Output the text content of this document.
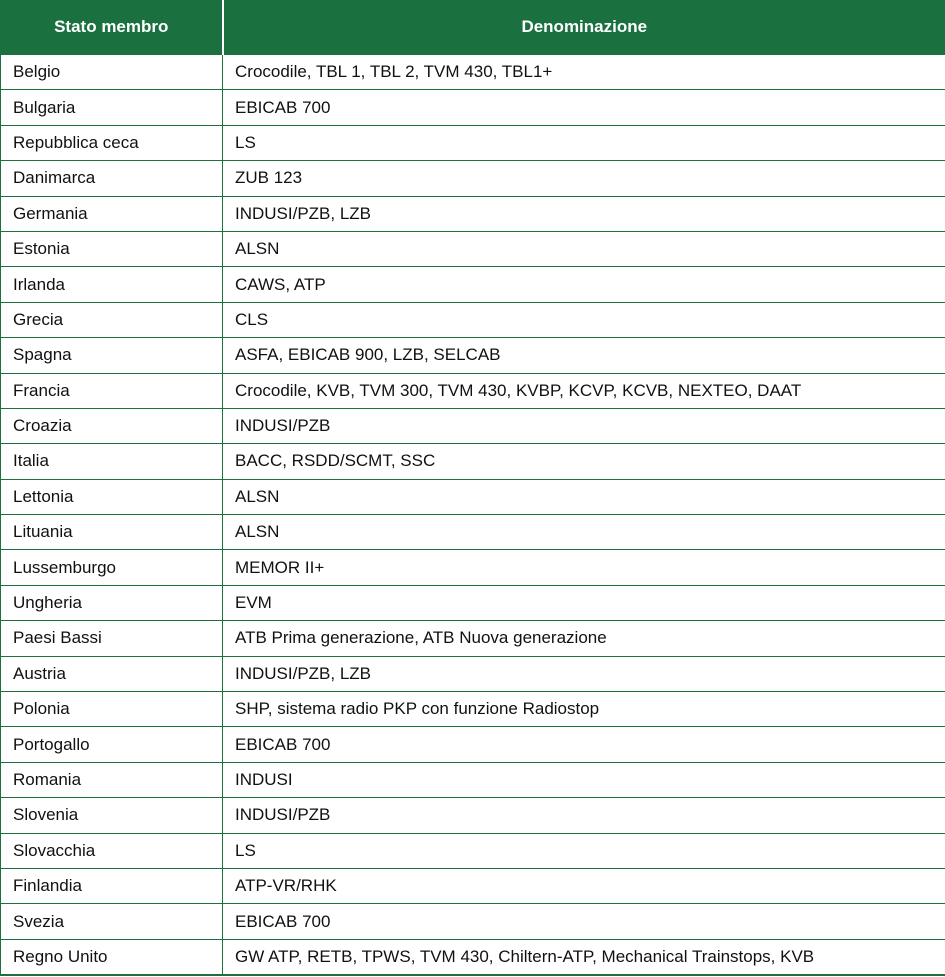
Stato membro	Denominazione
Belgio	Crocodile, TBL 1, TBL 2, TVM 430, TBL1+
Bulgaria	EBICAB 700
Repubblica ceca	LS
Danimarca	ZUB 123
Germania	INDUSI/PZB, LZB
Estonia	ALSN
Irlanda	CAWS, ATP
Grecia	CLS
Spagna	ASFA, EBICAB 900, LZB, SELCAB
Francia	Crocodile, KVB, TVM 300, TVM 430, KVBP, KCVP, KCVB, NEXTEO, DAAT
Croazia	INDUSI/PZB
Italia	BACC, RSDD/SCMT, SSC
Lettonia	ALSN
Lituania	ALSN
Lussemburgo	MEMOR II+
Ungheria	EVM
Paesi Bassi	ATB Prima generazione, ATB Nuova generazione
Austria	INDUSI/PZB, LZB
Polonia	SHP, sistema radio PKP con funzione Radiostop
Portogallo	EBICAB 700
Romania	INDUSI
Slovenia	INDUSI/PZB
Slovacchia	LS
Finlandia	ATP-VR/RHK
Svezia	EBICAB 700
Regno Unito	GW ATP, RETB, TPWS, TVM 430, Chiltern-ATP, Mechanical Trainstops, KVB
